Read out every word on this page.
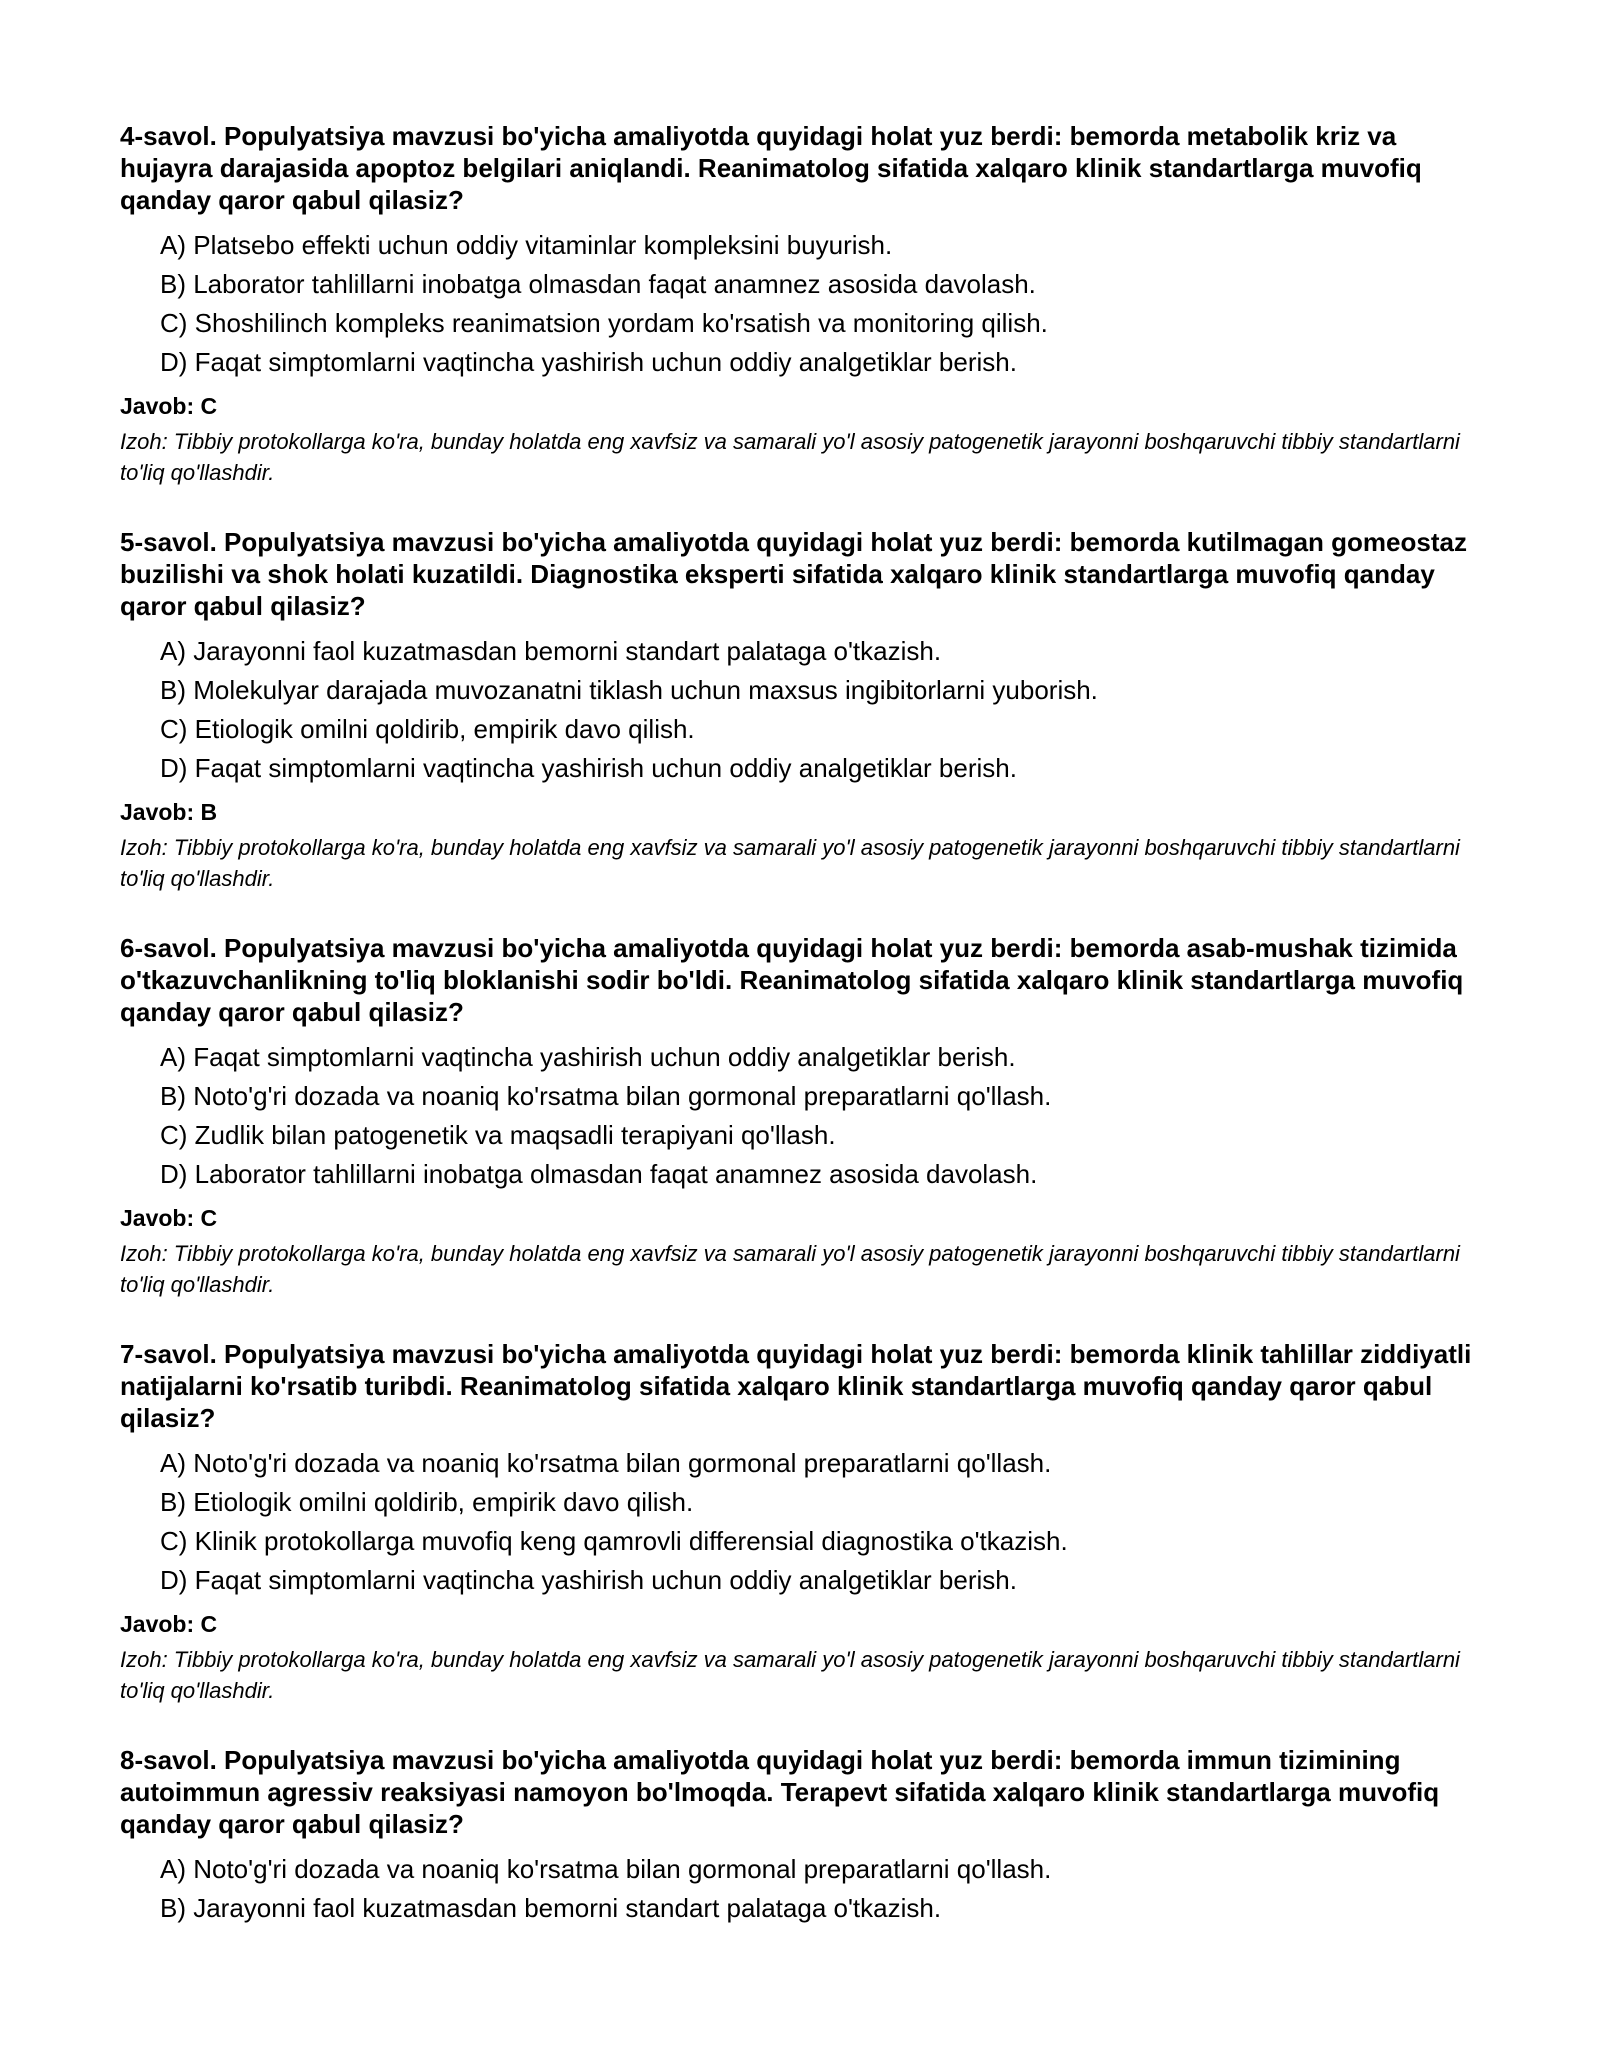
4-savol. Populyatsiya mavzusi bo'yicha amaliyotda quyidagi holat yuz berdi: bemorda metabolik kriz va hujayra darajasida apoptoz belgilari aniqlandi. Reanimatolog sifatida xalqaro klinik standartlarga muvofiq qanday qaror qabul qilasiz?

A) Platsebo effekti uchun oddiy vitaminlar kompleksini buyurish.
B) Laborator tahlillarni inobatga olmasdan faqat anamnez asosida davolash.
C) Shoshilinch kompleks reanimatsion yordam ko'rsatish va monitoring qilish.
D) Faqat simptomlarni vaqtincha yashirish uchun oddiy analgetiklar berish.

Javob: C

Izoh: Tibbiy protokollarga ko'ra, bunday holatda eng xavfsiz va samarali yo'l asosiy patogenetik jarayonni boshqaruvchi tibbiy standartlarni to'liq qo'llashdir.

5-savol. Populyatsiya mavzusi bo'yicha amaliyotda quyidagi holat yuz berdi: bemorda kutilmagan gomeostaz buzilishi va shok holati kuzatildi. Diagnostika eksperti sifatida xalqaro klinik standartlarga muvofiq qanday qaror qabul qilasiz?

A) Jarayonni faol kuzatmasdan bemorni standart palataga o'tkazish.
B) Molekulyar darajada muvozanatni tiklash uchun maxsus ingibitorlarni yuborish.
C) Etiologik omilni qoldirib, empirik davo qilish.
D) Faqat simptomlarni vaqtincha yashirish uchun oddiy analgetiklar berish.

Javob: B

Izoh: Tibbiy protokollarga ko'ra, bunday holatda eng xavfsiz va samarali yo'l asosiy patogenetik jarayonni boshqaruvchi tibbiy standartlarni to'liq qo'llashdir.

6-savol. Populyatsiya mavzusi bo'yicha amaliyotda quyidagi holat yuz berdi: bemorda asab-mushak tizimida o'tkazuvchanlikning to'liq bloklanishi sodir bo'ldi. Reanimatolog sifatida xalqaro klinik standartlarga muvofiq qanday qaror qabul qilasiz?

A) Faqat simptomlarni vaqtincha yashirish uchun oddiy analgetiklar berish.
B) Noto'g'ri dozada va noaniq ko'rsatma bilan gormonal preparatlarni qo'llash.
C) Zudlik bilan patogenetik va maqsadli terapiyani qo'llash.
D) Laborator tahlillarni inobatga olmasdan faqat anamnez asosida davolash.

Javob: C

Izoh: Tibbiy protokollarga ko'ra, bunday holatda eng xavfsiz va samarali yo'l asosiy patogenetik jarayonni boshqaruvchi tibbiy standartlarni to'liq qo'llashdir.

7-savol. Populyatsiya mavzusi bo'yicha amaliyotda quyidagi holat yuz berdi: bemorda klinik tahlillar ziddiyatli natijalarni ko'rsatib turibdi. Reanimatolog sifatida xalqaro klinik standartlarga muvofiq qanday qaror qabul qilasiz?

A) Noto'g'ri dozada va noaniq ko'rsatma bilan gormonal preparatlarni qo'llash.
B) Etiologik omilni qoldirib, empirik davo qilish.
C) Klinik protokollarga muvofiq keng qamrovli differensial diagnostika o'tkazish.
D) Faqat simptomlarni vaqtincha yashirish uchun oddiy analgetiklar berish.

Javob: C

Izoh: Tibbiy protokollarga ko'ra, bunday holatda eng xavfsiz va samarali yo'l asosiy patogenetik jarayonni boshqaruvchi tibbiy standartlarni to'liq qo'llashdir.

8-savol. Populyatsiya mavzusi bo'yicha amaliyotda quyidagi holat yuz berdi: bemorda immun tizimining autoimmun agressiv reaksiyasi namoyon bo'lmoqda. Terapevt sifatida xalqaro klinik standartlarga muvofiq qanday qaror qabul qilasiz?

A) Noto'g'ri dozada va noaniq ko'rsatma bilan gormonal preparatlarni qo'llash.
B) Jarayonni faol kuzatmasdan bemorni standart palataga o'tkazish.
